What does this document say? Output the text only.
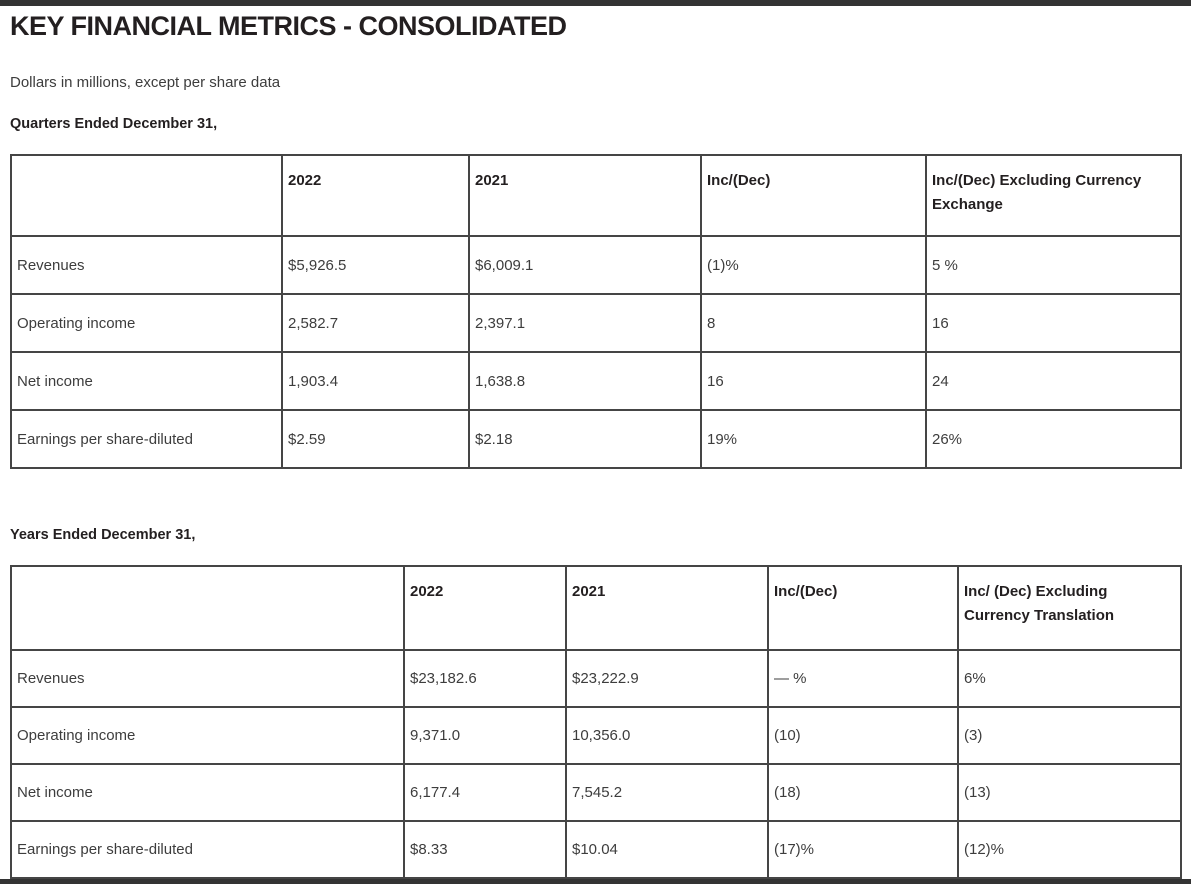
KEY FINANCIAL METRICS - CONSOLIDATED
Dollars in millions, except per share data
Quarters Ended December 31,
	2022	2021	Inc/(Dec)	Inc/(Dec) Excluding Currency Exchange
Revenues	$5,926.5	$6,009.1	(1)%	5 %
Operating income	2,582.7	2,397.1	8	16
Net income	1,903.4	1,638.8	16	24
Earnings per share-diluted	$2.59	$2.18	19%	26%
Years Ended December 31,
	2022	2021	Inc/(Dec)	Inc/ (Dec) Excluding Currency Translation
Revenues	$23,182.6	$23,222.9	— %	6%
Operating income	9,371.0	10,356.0	(10)	(3)
Net income	6,177.4	7,545.2	(18)	(13)
Earnings per share-diluted	$8.33	$10.04	(17)%	(12)%
